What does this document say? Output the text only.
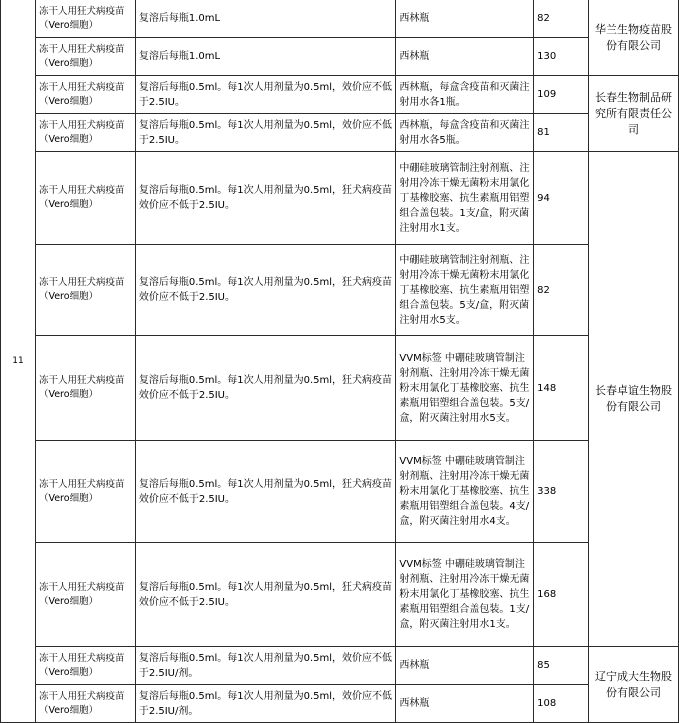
11	冻干人用狂犬病疫苗（Vero细胞）	复溶后每瓶1.0mL	西林瓶	82	华兰生物疫苗股份有限公司
	冻干人用狂犬病疫苗（Vero细胞）	复溶后每瓶1.0mL	西林瓶	130	
	冻干人用狂犬病疫苗（Vero细胞）	复溶后每瓶0.5ml。每1次人用剂量为0.5ml，效价应不低于2.5IU。	西林瓶，每盒含疫苗和灭菌注射用水各1瓶。	109	长春生物制品研究所有限责任公司
	冻干人用狂犬病疫苗（Vero细胞）	复溶后每瓶0.5ml。每1次人用剂量为0.5ml，效价应不低于2.5IU。	西林瓶，每盒含疫苗和灭菌注射用水各5瓶。	81	
	冻干人用狂犬病疫苗（Vero细胞）	复溶后每瓶0.5ml。每1次人用剂量为0.5ml，狂犬病疫苗效价应不低于2.5IU。	中硼硅玻璃管制注射剂瓶、注射用冷冻干燥无菌粉末用氯化丁基橡胶塞、抗生素瓶用铝塑组合盖包装。1支/盒，附灭菌注射用水1支。	94	长春卓谊生物股份有限公司
	冻干人用狂犬病疫苗（Vero细胞）	复溶后每瓶0.5ml。每1次人用剂量为0.5ml，狂犬病疫苗效价应不低于2.5IU。	中硼硅玻璃管制注射剂瓶、注射用冷冻干燥无菌粉末用氯化丁基橡胶塞、抗生素瓶用铝塑组合盖包装。5支/盒，附灭菌注射用水5支。	82	
	冻干人用狂犬病疫苗（Vero细胞）	复溶后每瓶0.5ml。每1次人用剂量为0.5ml，狂犬病疫苗效价应不低于2.5IU。	VVM标签 中硼硅玻璃管制注射剂瓶、注射用冷冻干燥无菌粉末用氯化丁基橡胶塞、抗生素瓶用铝塑组合盖包装。5支/盒，附灭菌注射用水5支。	148	
	冻干人用狂犬病疫苗（Vero细胞）	复溶后每瓶0.5ml。每1次人用剂量为0.5ml，狂犬病疫苗效价应不低于2.5IU。	VVM标签 中硼硅玻璃管制注射剂瓶、注射用冷冻干燥无菌粉末用氯化丁基橡胶塞、抗生素瓶用铝塑组合盖包装。4支/盒，附灭菌注射用水4支。	338	
	冻干人用狂犬病疫苗（Vero细胞）	复溶后每瓶0.5ml。每1次人用剂量为0.5ml，狂犬病疫苗效价应不低于2.5IU。	VVM标签 中硼硅玻璃管制注射剂瓶、注射用冷冻干燥无菌粉末用氯化丁基橡胶塞、抗生素瓶用铝塑组合盖包装。1支/盒，附灭菌注射用水1支。	168	
	冻干人用狂犬病疫苗（Vero细胞）	复溶后每瓶0.5ml。每1次人用剂量为0.5ml，效价应不低于2.5IU/剂。	西林瓶	85	辽宁成大生物股份有限公司
	冻干人用狂犬病疫苗（Vero细胞）	复溶后每瓶0.5ml。每1次人用剂量为0.5ml，效价应不低于2.5IU/剂。	西林瓶	108	
